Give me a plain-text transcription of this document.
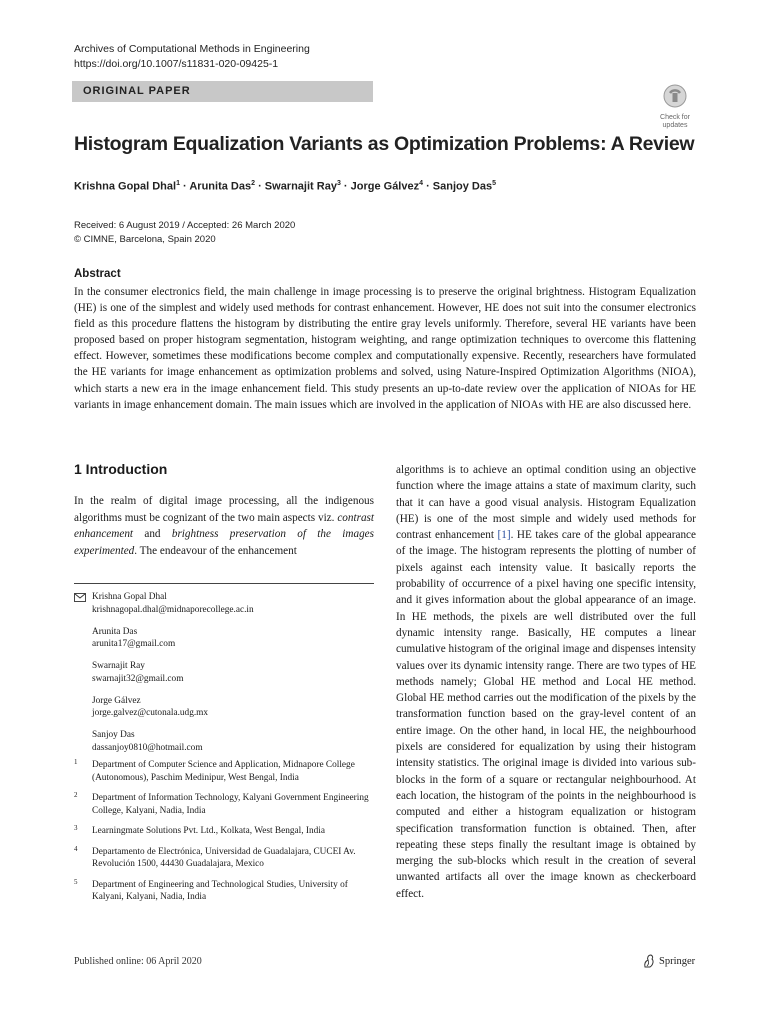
Archives of Computational Methods in Engineering
https://doi.org/10.1007/s11831-020-09425-1
ORIGINAL PAPER
Check for
updates
Histogram Equalization Variants as Optimization Problems: A Review
Krishna Gopal Dhal$^1$ · Arunita Das$^2$ · Swarnajit Ray$^3$ · Jorge Gálvez$^4$ · Sanjoy Das$^5$
Received: 6 August 2019 / Accepted: 26 March 2020
© CIMNE, Barcelona, Spain 2020
Abstract
In the consumer electronics field, the main challenge in image processing is to preserve the original brightness. Histogram Equalization (HE) is one of the simplest and widely used methods for contrast enhancement. However, HE does not suit into the consumer electronics field as this procedure flattens the histogram by distributing the entire gray levels uniformly. Therefore, several HE variants have been proposed based on proper histogram segmentation, histogram weighting, and range optimization techniques to overcome this flattening effect. However, sometimes these modifications become complex and computationally expensive. Recently, researchers have formulated the HE variants for image enhancement as optimization problems and solved, using Nature-Inspired Optimization Algorithms (NIOA), which starts a new era in the image enhancement field. This study presents an up-to-date review over the application of NIOAs for HE variants in image enhancement domain. The main issues which are involved in the application of NIOAs with HE are also discussed here.
1 Introduction
In the realm of digital image processing, all the indigenous algorithms must be cognizant of the two main aspects viz. contrast enhancement and brightness preservation of the images experimented. The endeavour of the enhancement
algorithms is to achieve an optimal condition using an objective function where the image attains a state of maximum clarity, such that it can have a good visual analysis. Histogram Equalization (HE) is one of the most simple and widely used methods for contrast enhancement [1]. HE takes care of the global appearance of the image. The histogram represents the plotting of number of pixels against each intensity value. It basically reports the probability of occurrence of a pixel having one specific intensity, and it gives information about the global appearance of an image. In HE methods, the pixels are well distributed over the full dynamic intensity range. Basically, HE computes a linear cumulative histogram of the original image and dispenses intensity values over its dynamic intensity range. There are two types of HE methods namely; Global HE method and Local HE method. Global HE method carries out the modification of the pixels by the transformation function based on the gray-level content of an entire image. On the other hand, in local HE, the neighbourhood pixels are considered for equalization by using their histogram intensity statistics. The original image is divided into various sub-blocks in the form of a square or rectangular neighbourhood. At each location, the histogram of the points in the neighbourhood is computed and either a histogram equalization or histogram specification transformation function is obtained. Then, after repeating these steps finally the resultant image is obtained by merging the sub-blocks which result in the creation of several unwanted artifacts all over the image known as checkerboard effect.
Krishna Gopal Dhal
krishnagopal.dhal@midnaporecollege.ac.in
Arunita Das
arunita17@gmail.com
Swarnajit Ray
swarnajit32@gmail.com
Jorge Gálvez
jorge.galvez@cutonala.udg.mx
Sanjoy Das
dassanjoy0810@hotmail.com
1 Department of Computer Science and Application, Midnapore College (Autonomous), Paschim Medinipur, West Bengal, India
2 Department of Information Technology, Kalyani Government Engineering College, Kalyani, Nadia, India
3 Learningmate Solutions Pvt. Ltd., Kolkata, West Bengal, India
4 Departamento de Electrónica, Universidad de Guadalajara, CUCEI Av. Revolución 1500, 44430 Guadalajara, Mexico
5 Department of Engineering and Technological Studies, University of Kalyani, Kalyani, Nadia, India
Published online: 06 April 2020	Springer
